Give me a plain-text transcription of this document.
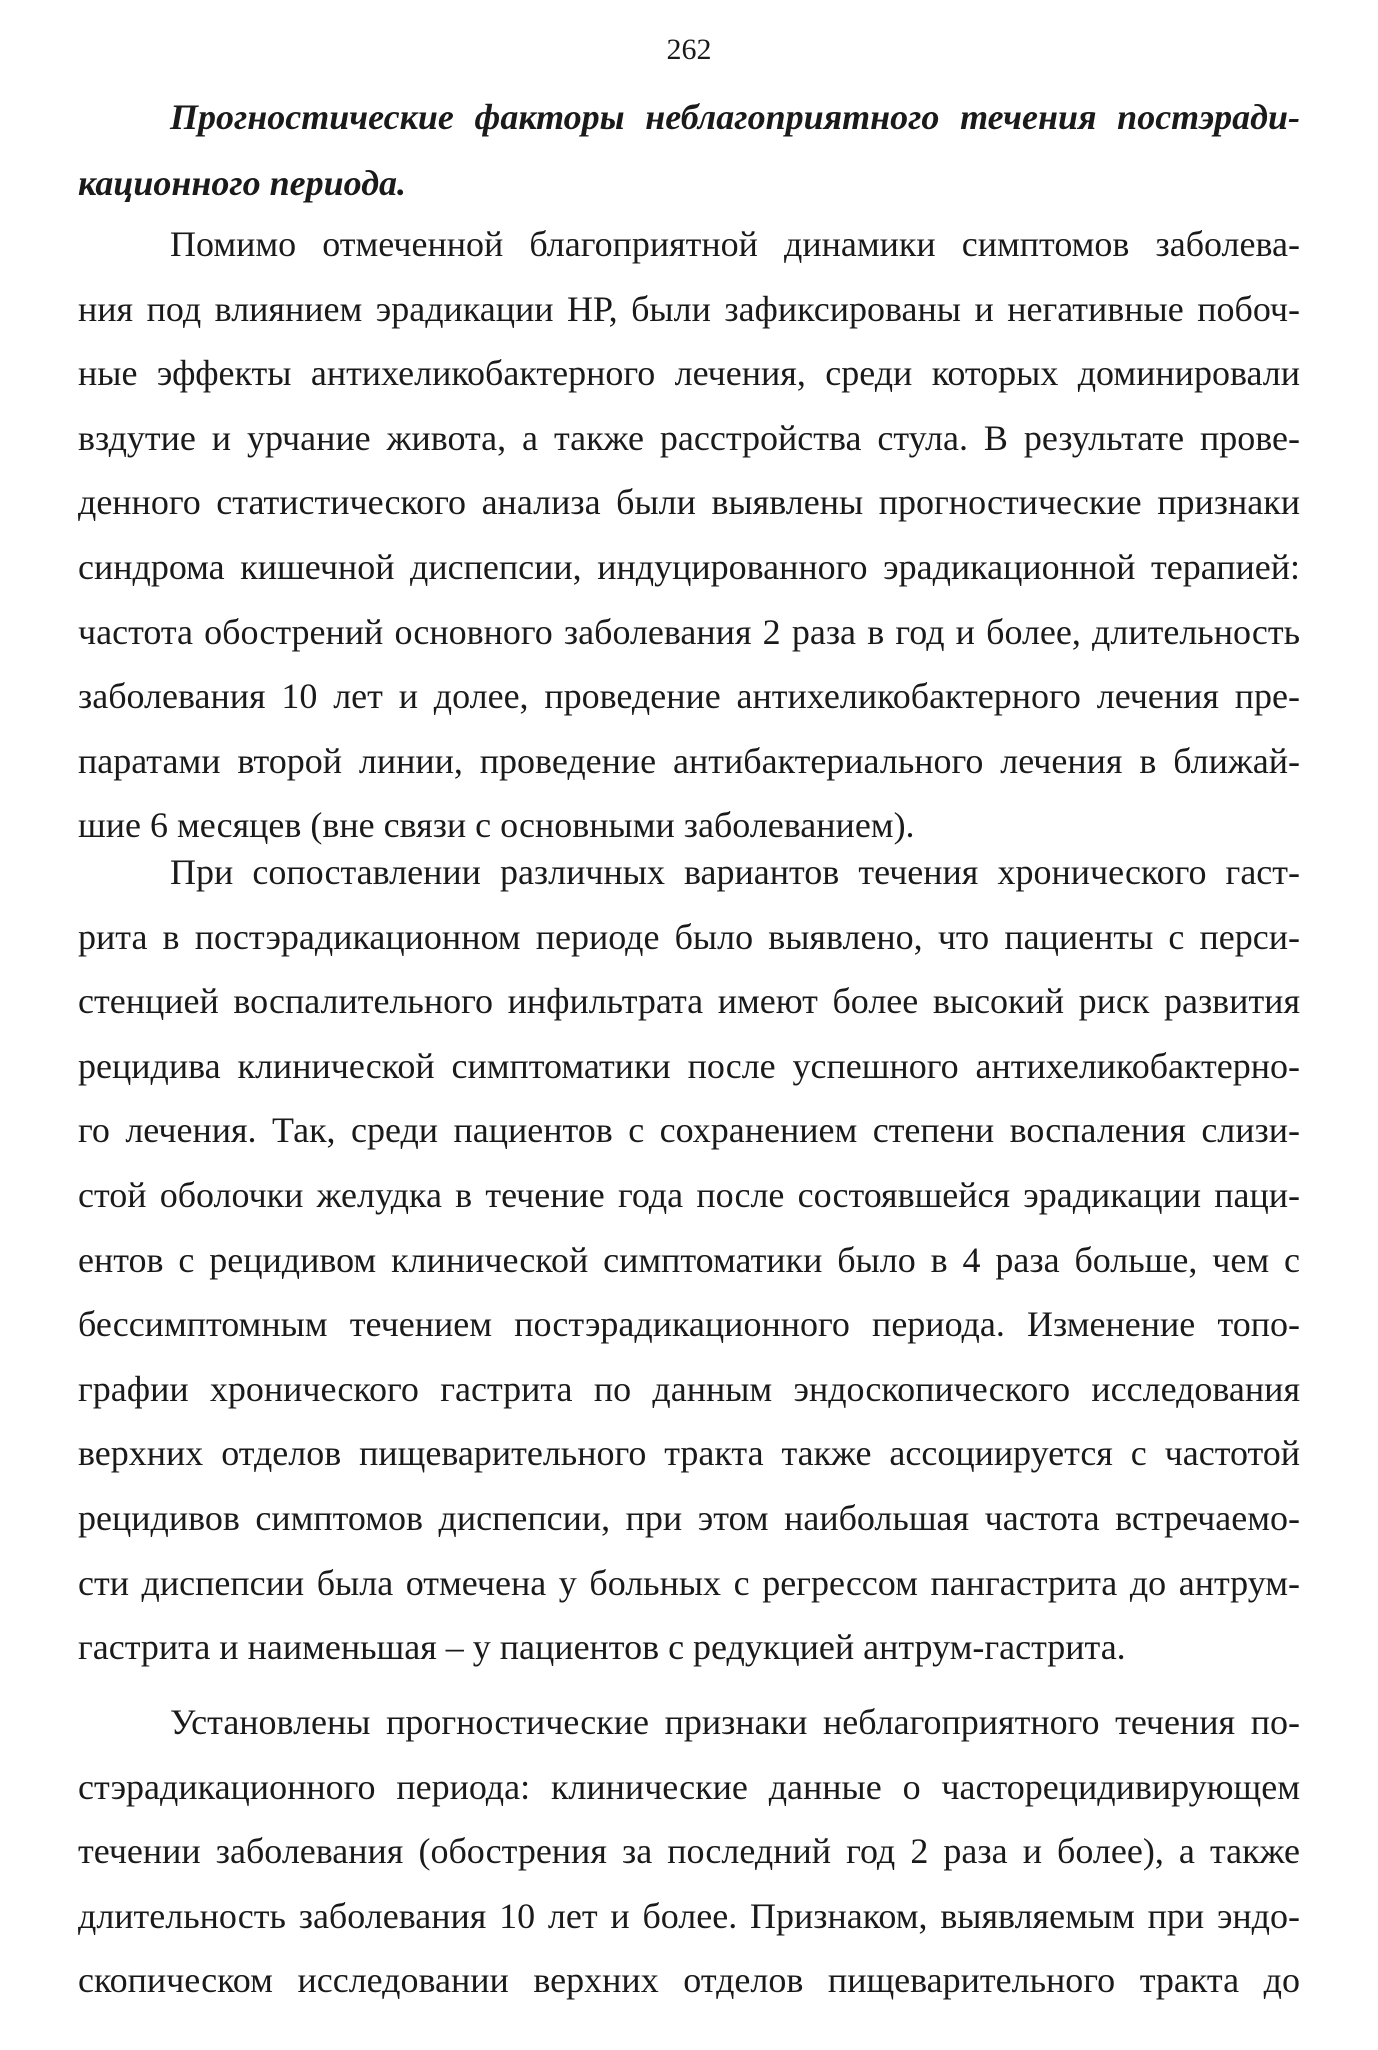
262
Прогностические факторы неблагоприятного течения постэради-
кационного периода.
Помимо отмеченной благоприятной динамики симптомов заболева-
ния под влиянием эрадикации НР, были зафиксированы и негативные побоч-
ные эффекты антихеликобактерного лечения, среди которых доминировали
вздутие и урчание живота, а также расстройства стула. В результате прове-
денного статистического анализа были выявлены прогностические признаки
синдрома кишечной диспепсии, индуцированного эрадикационной терапией:
частота обострений основного заболевания 2 раза в год и более, длительность
заболевания 10 лет и долее, проведение антихеликобактерного лечения пре-
паратами второй линии, проведение антибактериального лечения в ближай-
шие 6 месяцев (вне связи с основными заболеванием).
При сопоставлении различных вариантов течения хронического гаст-
рита в постэрадикационном периоде было выявлено, что пациенты с перси-
стенцией воспалительного инфильтрата имеют более высокий риск развития
рецидива клинической симптоматики после успешного антихеликобактерно-
го лечения. Так, среди пациентов с сохранением степени воспаления слизи-
стой оболочки желудка в течение года после состоявшейся эрадикации паци-
ентов с рецидивом клинической симптоматики было в 4 раза больше, чем с
бессимптомным течением постэрадикационного периода. Изменение топо-
графии хронического гастрита по данным эндоскопического исследования
верхних отделов пищеварительного тракта также ассоциируется с частотой
рецидивов симптомов диспепсии, при этом наибольшая частота встречаемо-
сти диспепсии была отмечена у больных с регрессом пангастрита до антрум-
гастрита и наименьшая – у пациентов с редукцией антрум-гастрита.
Установлены прогностические признаки неблагоприятного течения по-
стэрадикационного периода: клинические данные о часторецидивирующем
течении заболевания (обострения за последний год 2 раза и более), а также
длительность заболевания 10 лет и более. Признаком, выявляемым при эндо-
скопическом исследовании верхних отделов пищеварительного тракта до
